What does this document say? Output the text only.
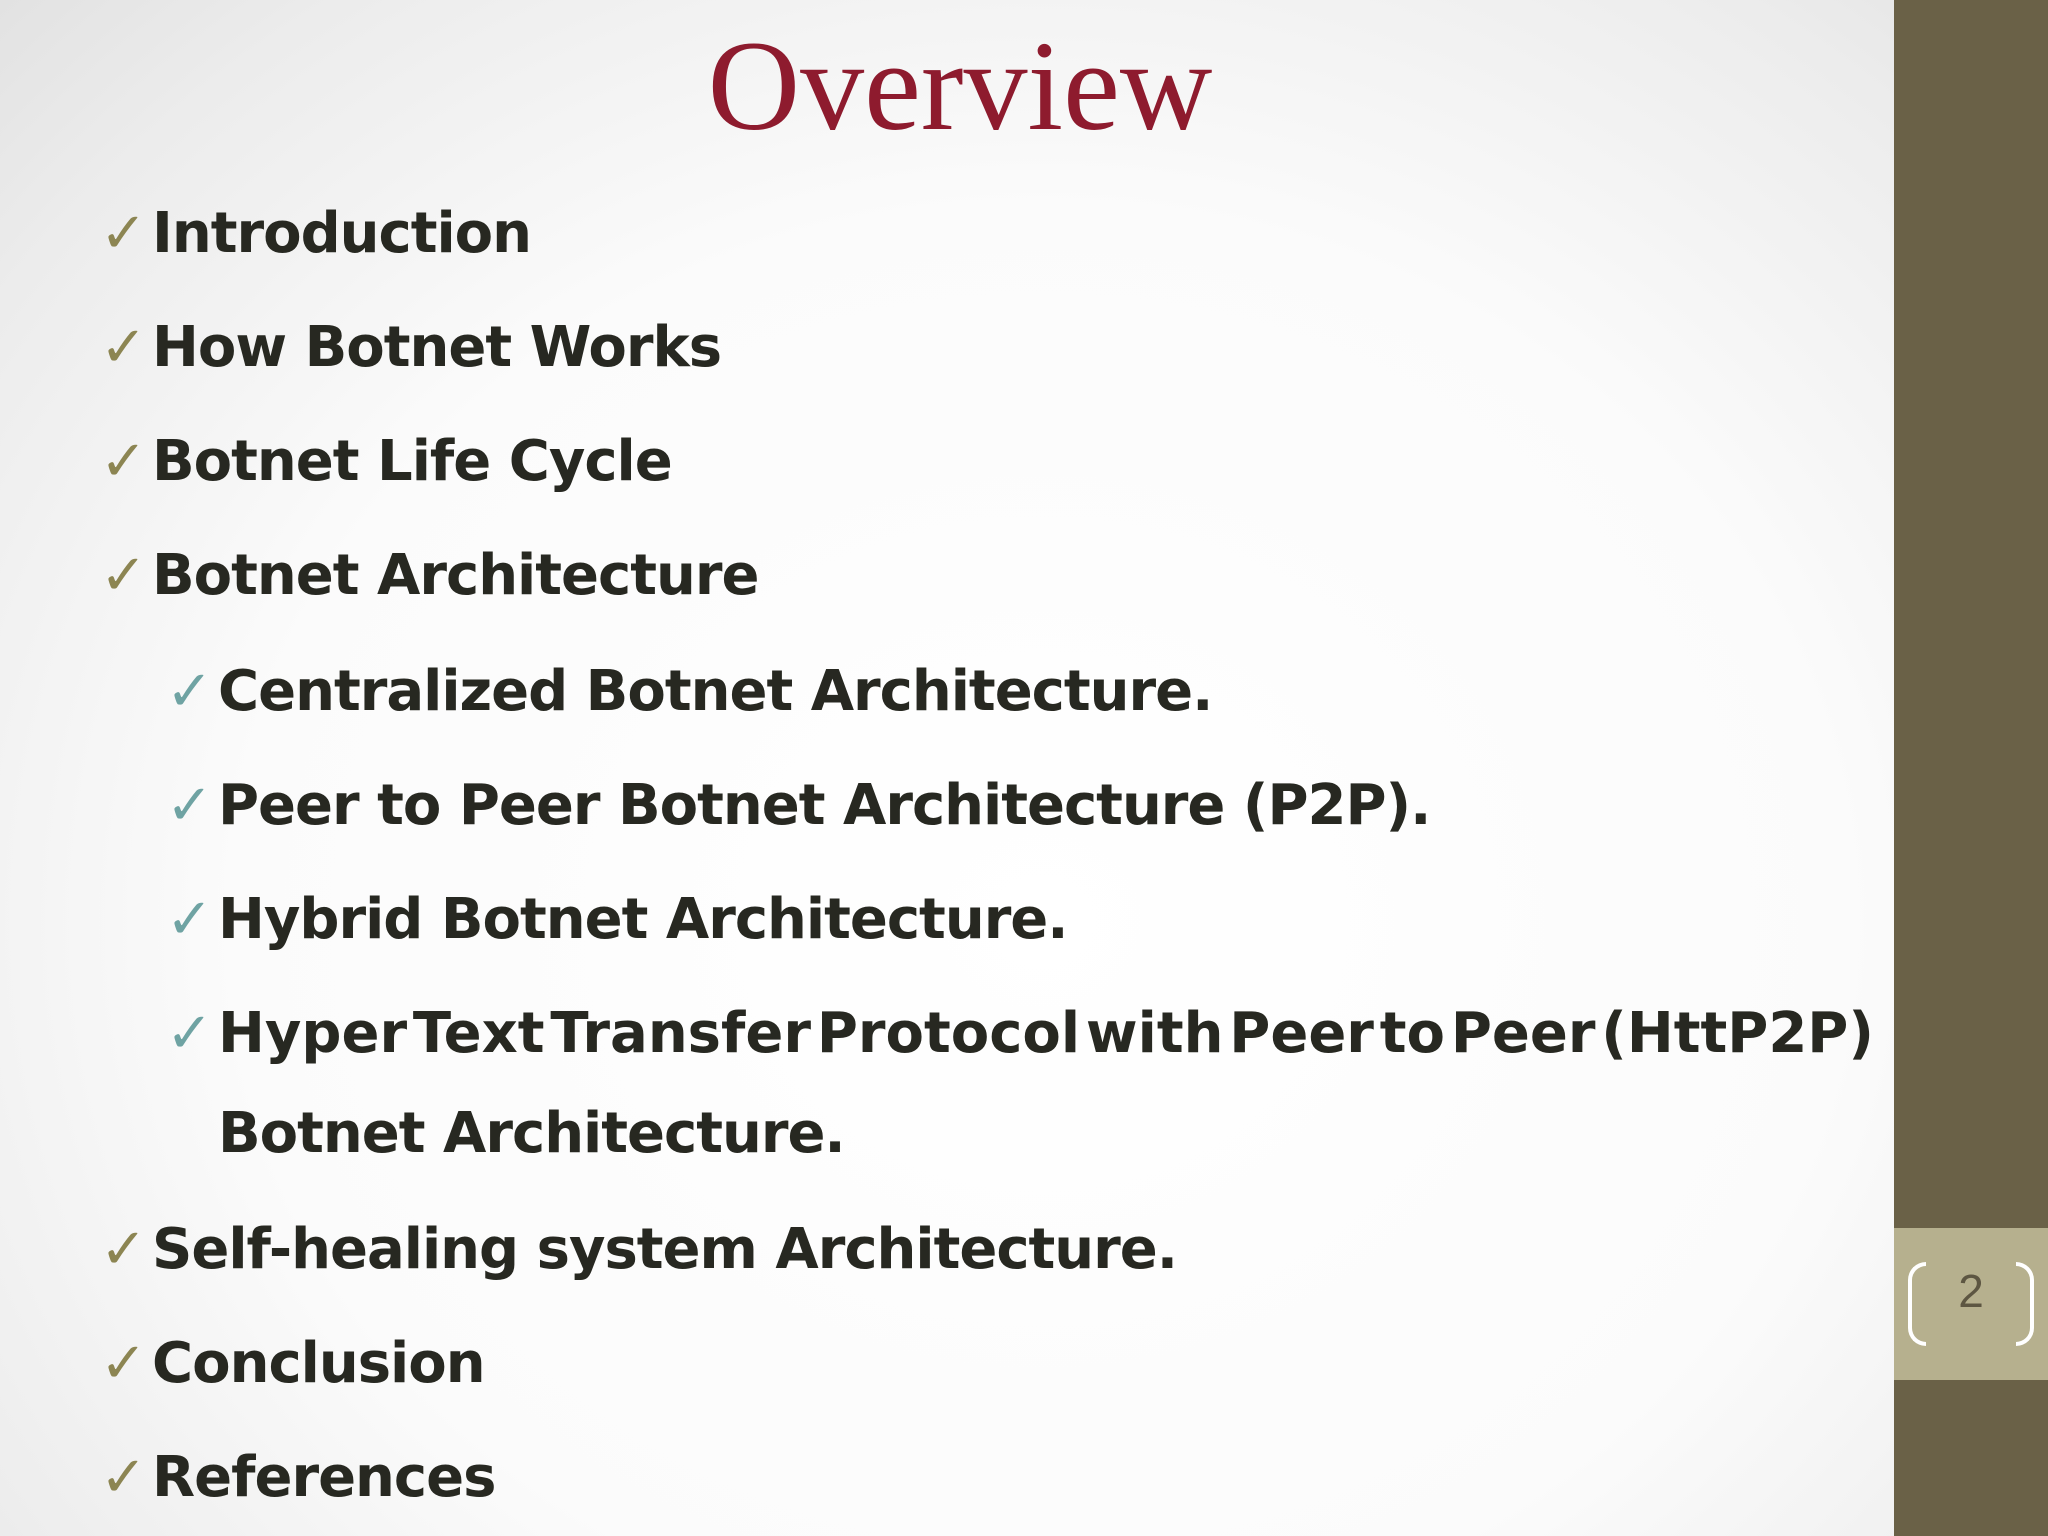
Overview
✓ Introduction
✓ How Botnet Works
✓ Botnet Life Cycle
✓ Botnet Architecture
✓ Centralized Botnet Architecture.
✓ Peer to Peer Botnet Architecture (P2P).
✓ Hybrid Botnet Architecture.
✓ Hyper Text Transfer Protocol with Peer to Peer (HttP2P)
Botnet Architecture.
✓ Self-healing system Architecture.
✓ Conclusion
✓ References
2
